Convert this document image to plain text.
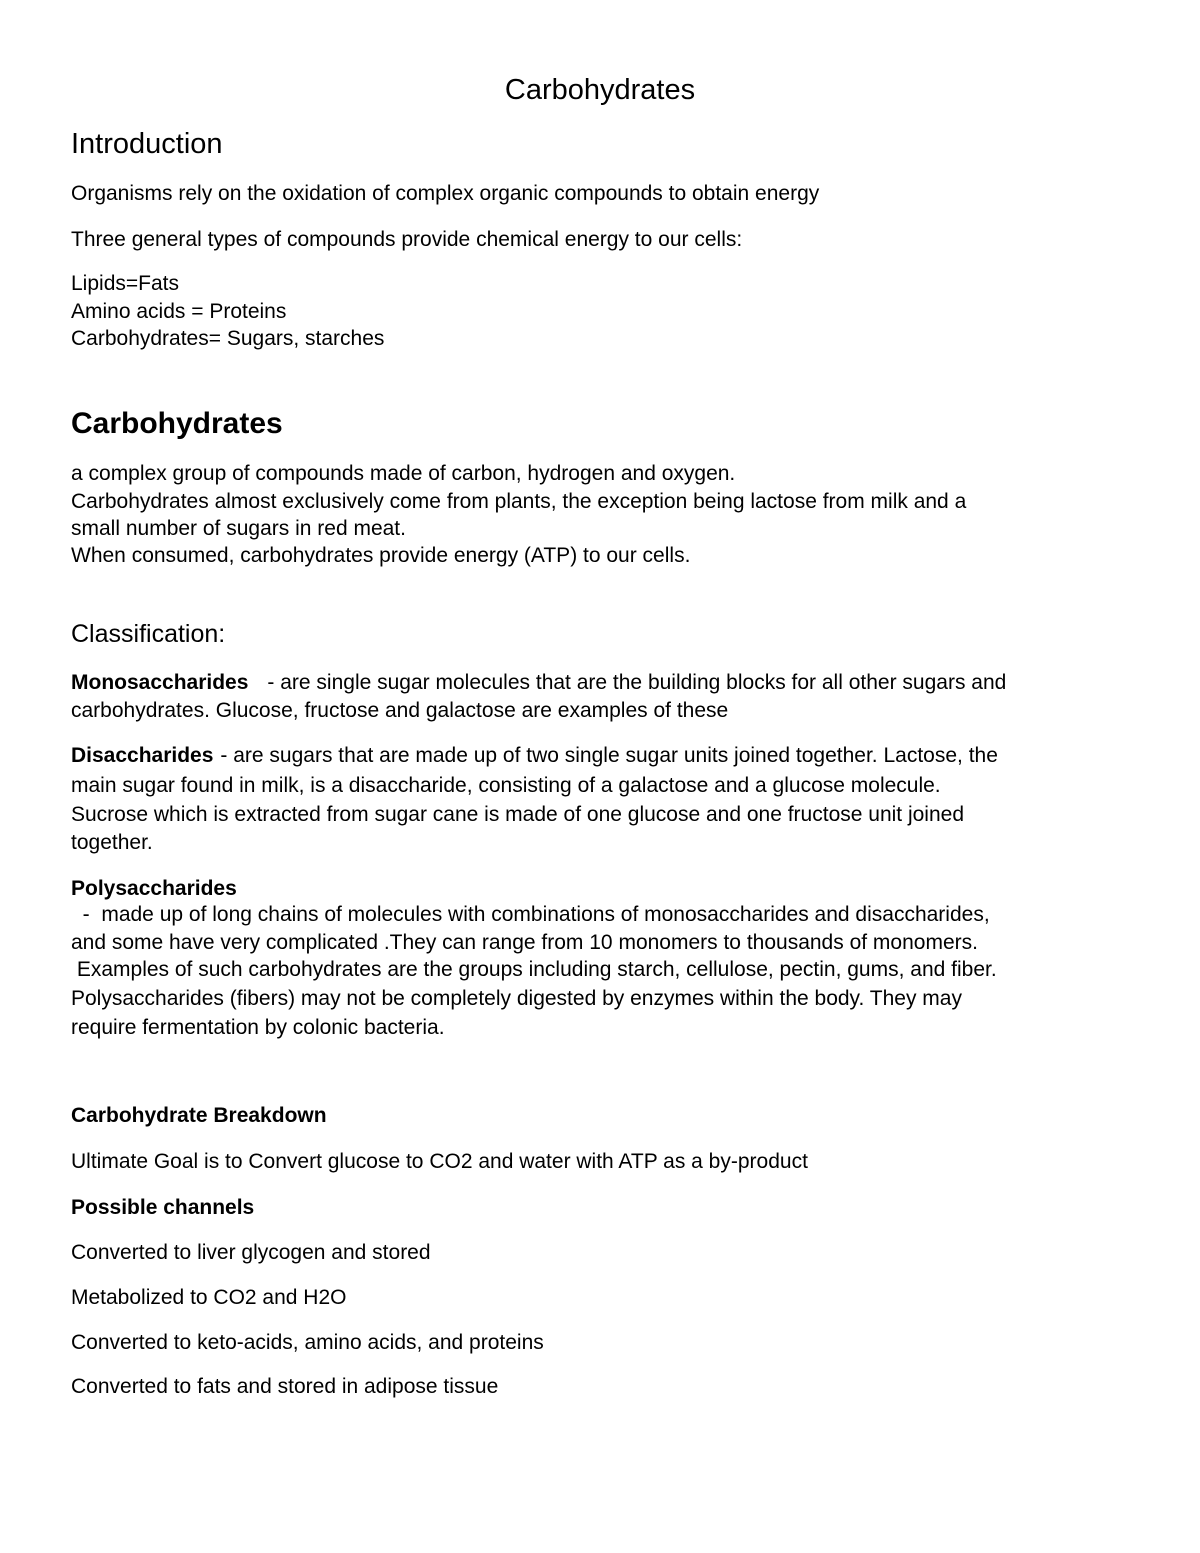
Carbohydrates
Introduction
Organisms rely on the oxidation of complex organic compounds to obtain energy
Three general types of compounds provide chemical energy to our cells:
Lipids=Fats
Amino acids = Proteins
Carbohydrates= Sugars, starches
Carbohydrates
a complex group of compounds made of carbon, hydrogen and oxygen.
Carbohydrates almost exclusively come from plants, the exception being lactose from milk and a
small number of sugars in red meat.
When consumed, carbohydrates provide energy (ATP) to our cells.
Classification:
Monosaccharides - are single sugar molecules that are the building blocks for all other sugars and
carbohydrates. Glucose, fructose and galactose are examples of these
Disaccharides - are sugars that are made up of two single sugar units joined together. Lactose, the
main sugar found in milk, is a disaccharide, consisting of a galactose and a glucose molecule.
Sucrose which is extracted from sugar cane is made of one glucose and one fructose unit joined
together.
Polysaccharides
-  made up of long chains of molecules with combinations of monosaccharides and disaccharides,
and some have very complicated .They can range from 10 monomers to thousands of monomers.
Examples of such carbohydrates are the groups including starch, cellulose, pectin, gums, and fiber.
Polysaccharides (fibers) may not be completely digested by enzymes within the body. They may
require fermentation by colonic bacteria.
Carbohydrate Breakdown
Ultimate Goal is to Convert glucose to CO2 and water with ATP as a by-product
Possible channels
Converted to liver glycogen and stored
Metabolized to CO2 and H2O
Converted to keto-acids, amino acids, and proteins
Converted to fats and stored in adipose tissue
